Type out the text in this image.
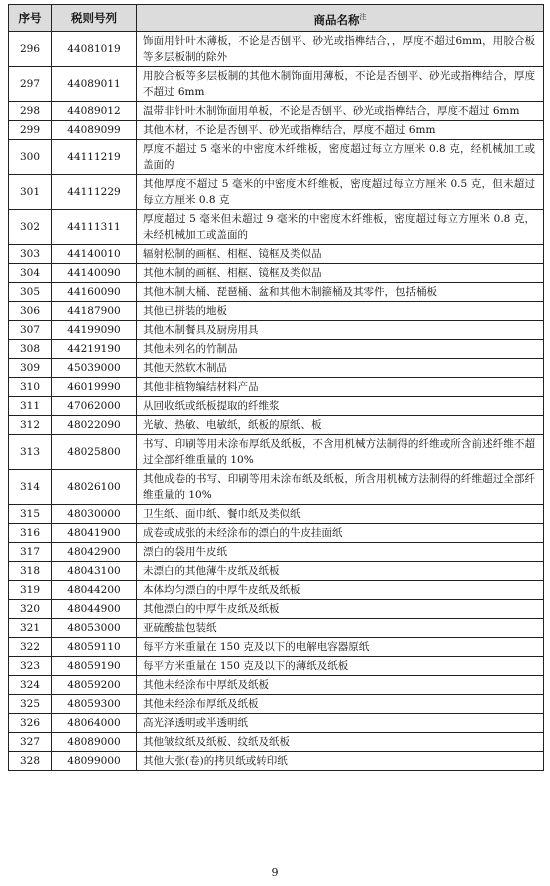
序号	税则号列	商品名称$^注$
296	44081019	饰面用针叶木薄板，不论是否刨平、砂光或指榫结合，，厚度不超过6mm，用胶合板等多层板制的除外
297	44089011	用胶合板等多层板制的其他木制饰面用薄板，不论是否刨平、砂光或指榫结合，厚度不超过 6mm
298	44089012	温带非针叶木制饰面用单板，不论是否刨平、砂光或指榫结合，厚度不超过 6mm
299	44089099	其他木材，不论是否刨平、砂光或指榫结合，厚度不超过 6mm
300	44111219	厚度不超过 5 毫米的中密度木纤维板，密度超过每立方厘米 0.8 克，经机械加工或盖面的
301	44111229	其他厚度不超过 5 毫米的中密度木纤维板，密度超过每立方厘米 0.5 克，但未超过每立方厘米 0.8 克
302	44111311	厚度超过 5 毫米但未超过 9 毫米的中密度木纤维板，密度超过每立方厘米 0.8 克，未经机械加工或盖面的
303	44140010	辐射松制的画框、相框、镜框及类似品
304	44140090	其他木制的画框、相框、镜框及类似品
305	44160090	其他木制大桶、琵琶桶、盆和其他木制箍桶及其零件，包括桶板
306	44187900	其他已拼装的地板
307	44199090	其他木制餐具及厨房用具
308	44219190	其他未列名的竹制品
309	45039000	其他天然软木制品
310	46019990	其他非植物编结材料产品
311	47062000	从回收纸或纸板提取的纤维浆
312	48022090	光敏、热敏、电敏纸，纸板的原纸、板
313	48025800	书写、印刷等用未涂布厚纸及纸板，不含用机械方法制得的纤维或所含前述纤维不超过全部纤维重量的 10%
314	48026100	其他成卷的书写、印刷等用未涂布纸及纸板，所含用机械方法制得的纤维超过全部纤维重量的 10%
315	48030000	卫生纸、面巾纸、餐巾纸及类似纸
316	48041900	成卷或成张的未经涂布的漂白的牛皮挂面纸
317	48042900	漂白的袋用牛皮纸
318	48043100	未漂白的其他薄牛皮纸及纸板
319	48044200	本体均匀漂白的中厚牛皮纸及纸板
320	48044900	其他漂白的中厚牛皮纸及纸板
321	48053000	亚硫酸盐包装纸
322	48059110	每平方米重量在 150 克及以下的电解电容器原纸
323	48059190	每平方米重量在 150 克及以下的薄纸及纸板
324	48059200	其他未经涂布中厚纸及纸板
325	48059300	其他未经涂布厚纸及纸板
326	48064000	高光泽透明或半透明纸
327	48089000	其他皱纹纸及纸板、纹纸及纸板
328	48099000	其他大张(卷)的拷贝纸或转印纸
9
